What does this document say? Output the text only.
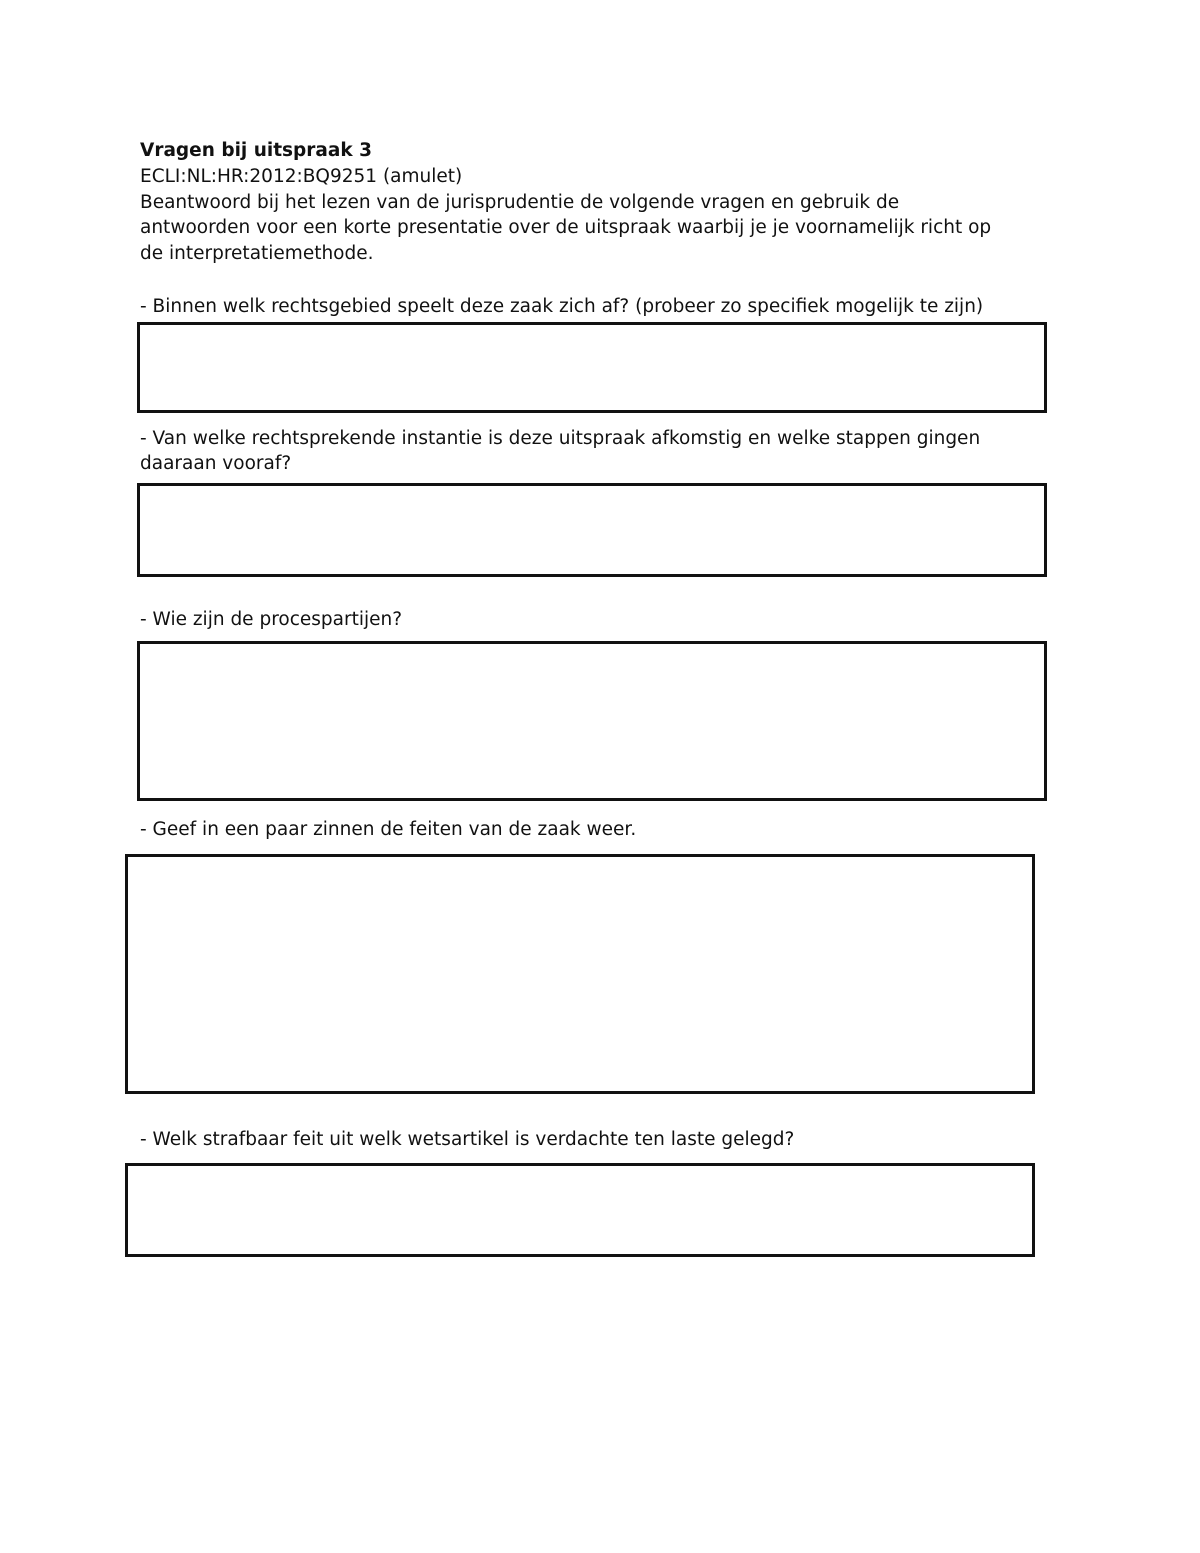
Vragen bij uitspraak 3
ECLI:NL:HR:2012:BQ9251 (amulet)
Beantwoord bij het lezen van de jurisprudentie de volgende vragen en gebruik de
antwoorden voor een korte presentatie over de uitspraak waarbij je je voornamelijk richt op
de interpretatiemethode.
- Binnen welk rechtsgebied speelt deze zaak zich af? (probeer zo specifiek mogelijk te zijn)
- Van welke rechtsprekende instantie is deze uitspraak afkomstig en welke stappen gingen
daaraan vooraf?
- Wie zijn de procespartijen?
- Geef in een paar zinnen de feiten van de zaak weer.
- Welk strafbaar feit uit welk wetsartikel is verdachte ten laste gelegd?
